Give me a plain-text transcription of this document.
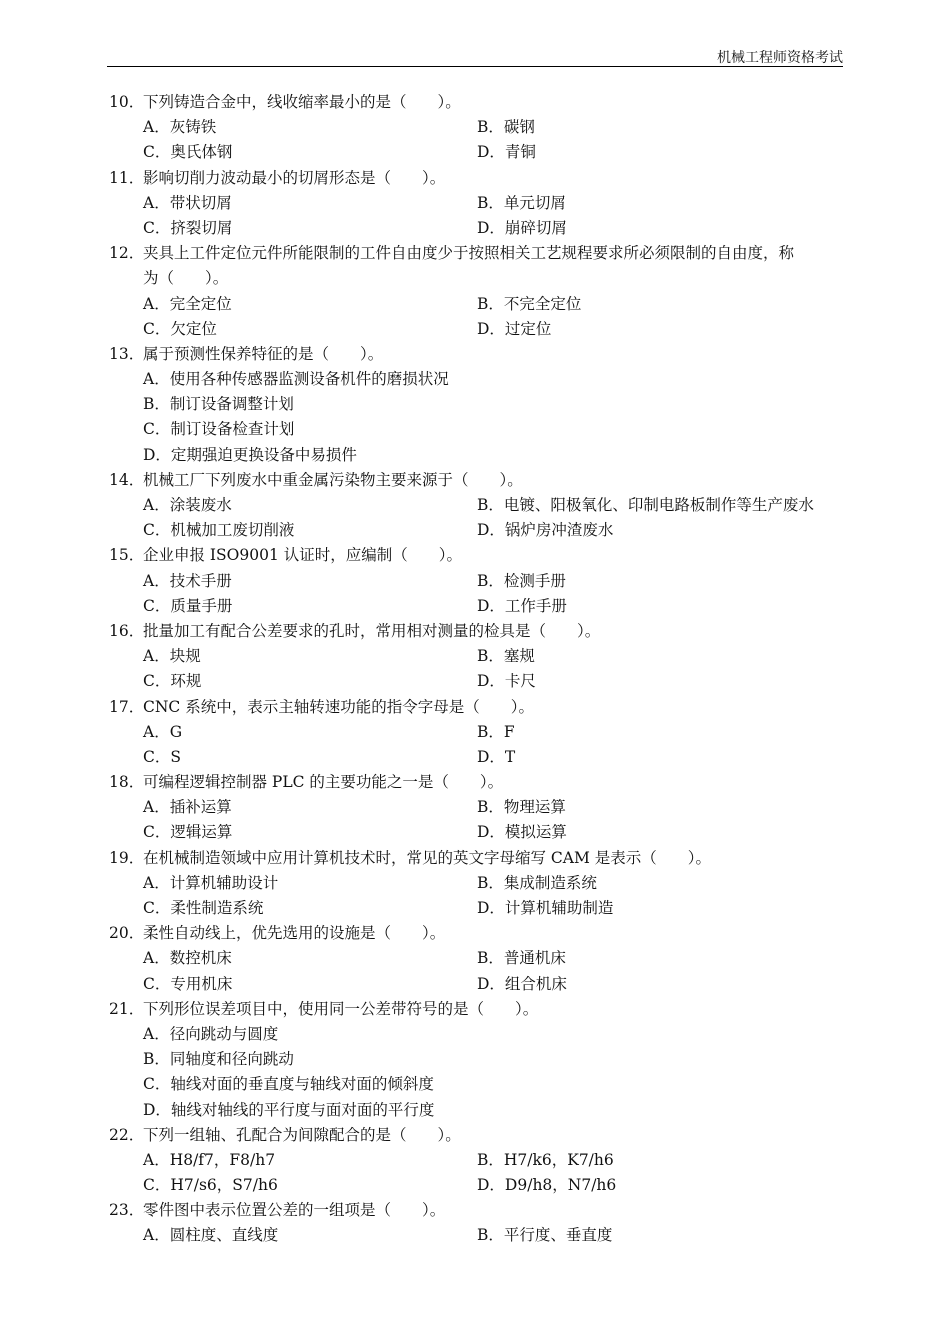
机械工程师资格考试
10．下列铸造合金中，线收缩率最小的是（　　）。
A．灰铸铁	B．碳钢
C．奥氏体钢	D．青铜
11．影响切削力波动最小的切屑形态是（　　）。
A．带状切屑	B．单元切屑
C．挤裂切屑	D．崩碎切屑
12．夹具上工件定位元件所能限制的工件自由度少于按照相关工艺规程要求所必须限制的自由度，称
为（　　）。
A．完全定位	B．不完全定位
C．欠定位	D．过定位
13．属于预测性保养特征的是（　　）。
A．使用各种传感器监测设备机件的磨损状况
B．制订设备调整计划
C．制订设备检查计划
D．定期强迫更换设备中易损件
14．机械工厂下列废水中重金属污染物主要来源于（　　）。
A．涂装废水	B．电镀、阳极氧化、印制电路板制作等生产废水
C．机械加工废切削液	D．锅炉房冲渣废水
15．企业申报 ISO9001 认证时，应编制（　　）。
A．技术手册	B．检测手册
C．质量手册	D．工作手册
16．批量加工有配合公差要求的孔时，常用相对测量的检具是（　　）。
A．块规	B．塞规
C．环规	D．卡尺
17．CNC 系统中，表示主轴转速功能的指令字母是（　　）。
A．G	B．F
C．S	D．T
18．可编程逻辑控制器 PLC 的主要功能之一是（　　）。
A．插补运算	B．物理运算
C．逻辑运算	D．模拟运算
19．在机械制造领域中应用计算机技术时，常见的英文字母缩写 CAM 是表示（　　）。
A．计算机辅助设计	B．集成制造系统
C．柔性制造系统	D．计算机辅助制造
20．柔性自动线上，优先选用的设施是（　　）。
A．数控机床	B．普通机床
C．专用机床	D．组合机床
21．下列形位误差项目中，使用同一公差带符号的是（　　）。
A．径向跳动与圆度
B．同轴度和径向跳动
C．轴线对面的垂直度与轴线对面的倾斜度
D．轴线对轴线的平行度与面对面的平行度
22．下列一组轴、孔配合为间隙配合的是（　　）。
A．H8/f7，F8/h7	B．H7/k6，K7/h6
C．H7/s6，S7/h6	D．D9/h8，N7/h6
23．零件图中表示位置公差的一组项是（　　）。
A．圆柱度、直线度	B．平行度、垂直度
